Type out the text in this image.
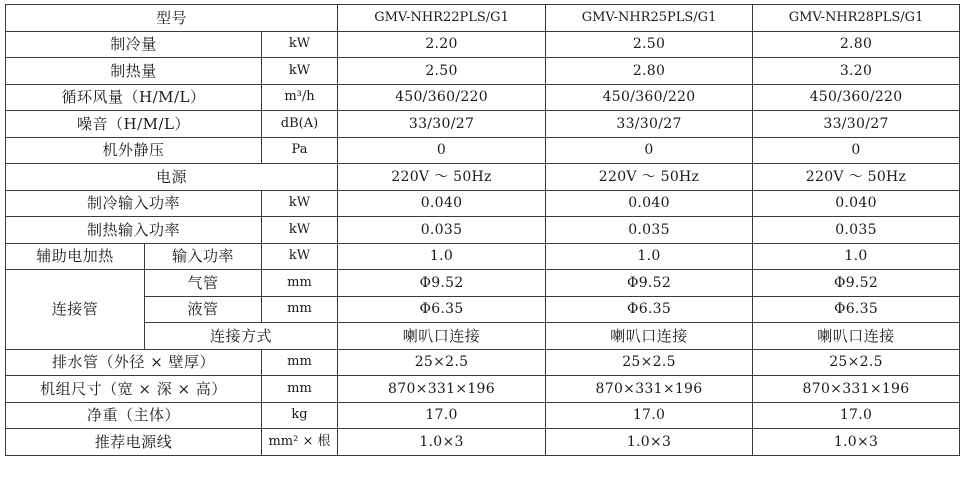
型号			GMV-NHR22PLS/G1	GMV-NHR25PLS/G1	GMV-NHR28PLS/G1
制冷量		kW	2.20	2.50	2.80
制热量		kW	2.50	2.80	3.20
循环风量（H/M/L）		m³/h	450/360/220	450/360/220	450/360/220
噪音（H/M/L）		dB(A)	33/30/27	33/30/27	33/30/27
机外静压		Pa	0	0	0
电源			220V ～ 50Hz	220V ～ 50Hz	220V ～ 50Hz
制冷输入功率		kW	0.040	0.040	0.040
制热输入功率		kW	0.035	0.035	0.035
辅助电加热	输入功率	kW	1.0	1.0	1.0
连接管	气管	mm	Φ9.52	Φ9.52	Φ9.52
	液管	mm	Φ6.35	Φ6.35	Φ6.35
	连接方式		喇叭口连接	喇叭口连接	喇叭口连接
排水管（外径 × 壁厚）		mm	25×2.5	25×2.5	25×2.5
机组尺寸（宽 × 深 × 高）		mm	870×331×196	870×331×196	870×331×196
净重（主体）		kg	17.0	17.0	17.0
推荐电源线		mm² × 根	1.0×3	1.0×3	1.0×3
